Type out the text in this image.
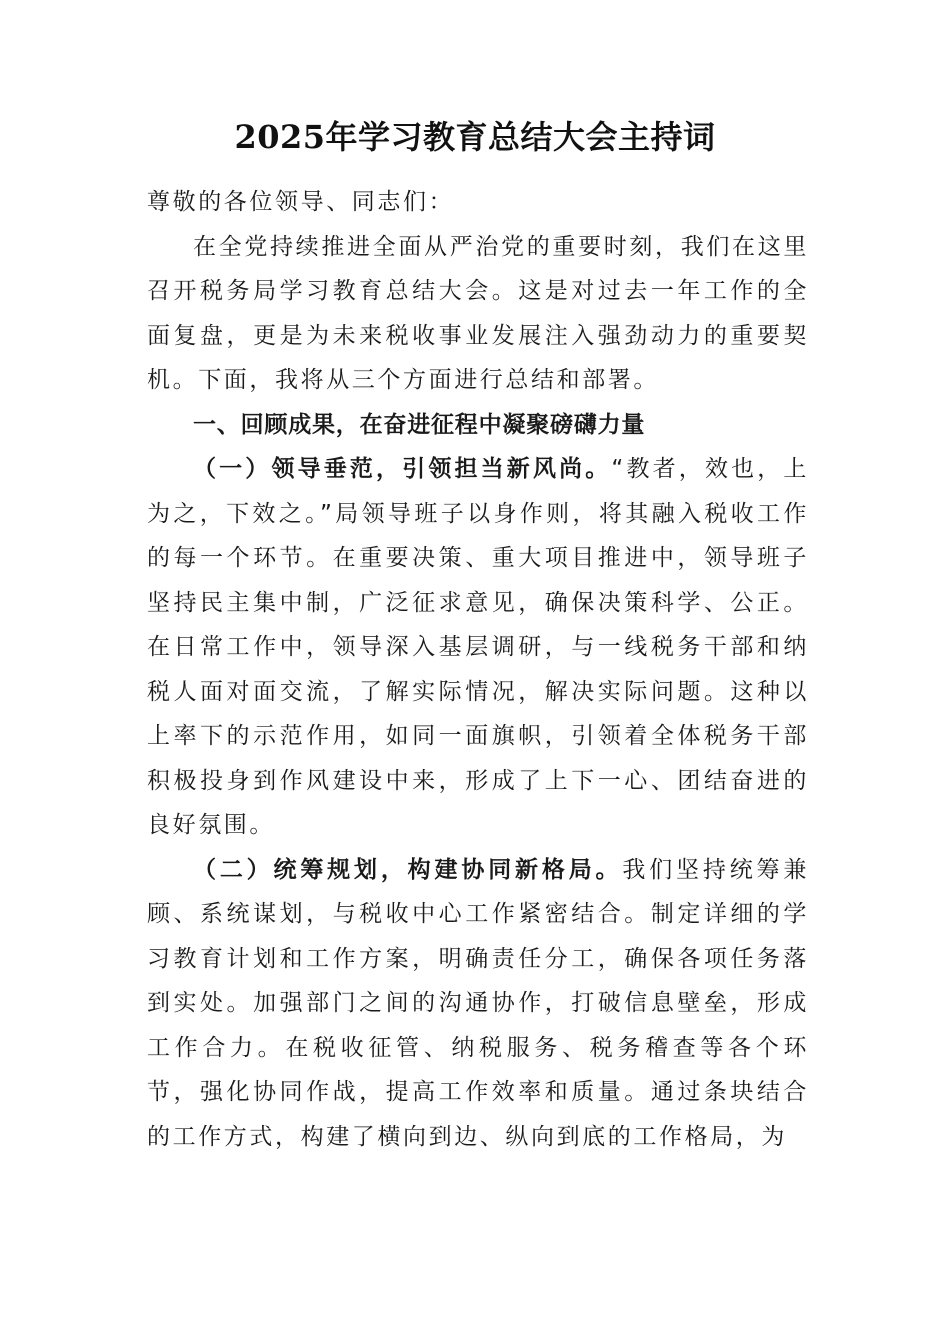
2025年学习教育总结大会主持词

尊敬的各位领导、同志们：

在全党持续推进全面从严治党的重要时刻，我们在这里召开税务局学习教育总结大会。这是对过去一年工作的全面复盘，更是为未来税收事业发展注入强劲动力的重要契机。下面，我将从三个方面进行总结和部署。

一、回顾成果，在奋进征程中凝聚磅礴力量

（一）领导垂范，引领担当新风尚。“教者，效也，上为之，下效之。”局领导班子以身作则，将其融入税收工作的每一个环节。在重要决策、重大项目推进中，领导班子坚持民主集中制，广泛征求意见，确保决策科学、公正。在日常工作中，领导深入基层调研，与一线税务干部和纳税人面对面交流，了解实际情况，解决实际问题。这种以上率下的示范作用，如同一面旗帜，引领着全体税务干部积极投身到作风建设中来，形成了上下一心、团结奋进的良好氛围。

（二）统筹规划，构建协同新格局。我们坚持统筹兼顾、系统谋划，与税收中心工作紧密结合。制定详细的学习教育计划和工作方案，明确责任分工，确保各项任务落到实处。加强部门之间的沟通协作，打破信息壁垒，形成工作合力。在税收征管、纳税服务、税务稽查等各个环节，强化协同作战，提高工作效率和质量。通过条块结合的工作方式，构建了横向到边、纵向到底的工作格局，为
